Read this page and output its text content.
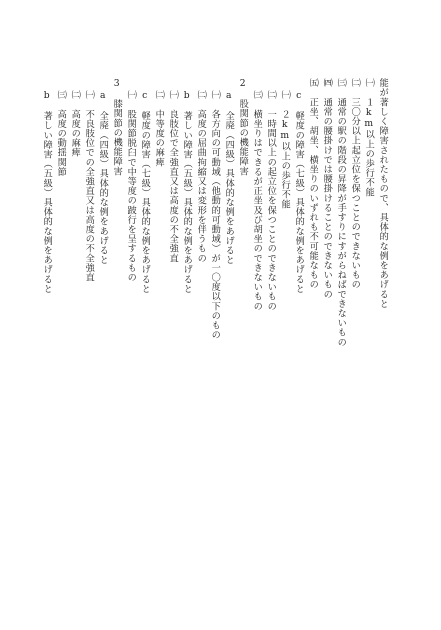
能が著しく障害されたもので、具体的な例をあげると
㈠　１km以上の歩行不能
㈡　三〇分以上起立位を保つことのできないもの
㈢　通常の駅の階段の昇降が手すりにすがらねばできないもの
㈣　通常の腰掛けでは腰掛けることのできないもの
㈤　正坐、胡坐、横坐りのいずれも不可能なもの
c　軽度の障害（七級）具体的な例をあげると
㈠　２km以上の歩行不能
㈡　一時間以上の起立位を保つことのできないもの
㈢　横坐りはできるが正坐及び胡坐のできないもの
2　股関節の機能障害
a　全廃（四級）具体的な例をあげると
㈠　各方向の可動域（他動的可動域）が一〇度以下のもの
㈡　高度の屈曲拘縮又は変形を伴うもの
b　著しい障害（五級）具体的な例をあげると
㈠　良肢位で全強直又は高度の不全強直
㈡　中等度の麻痺
c　軽度の障害（七級）具体的な例をあげると
㈠　股関節脱臼で中等度の跛行を呈するもの
3　膝関節の機能障害
a　全廃（四級）具体的な例をあげると
㈠　不良肢位での全強直又は高度の不全強直
㈡　高度の麻痺
㈢　高度の動揺関節
b　著しい障害（五級）具体的な例をあげると
